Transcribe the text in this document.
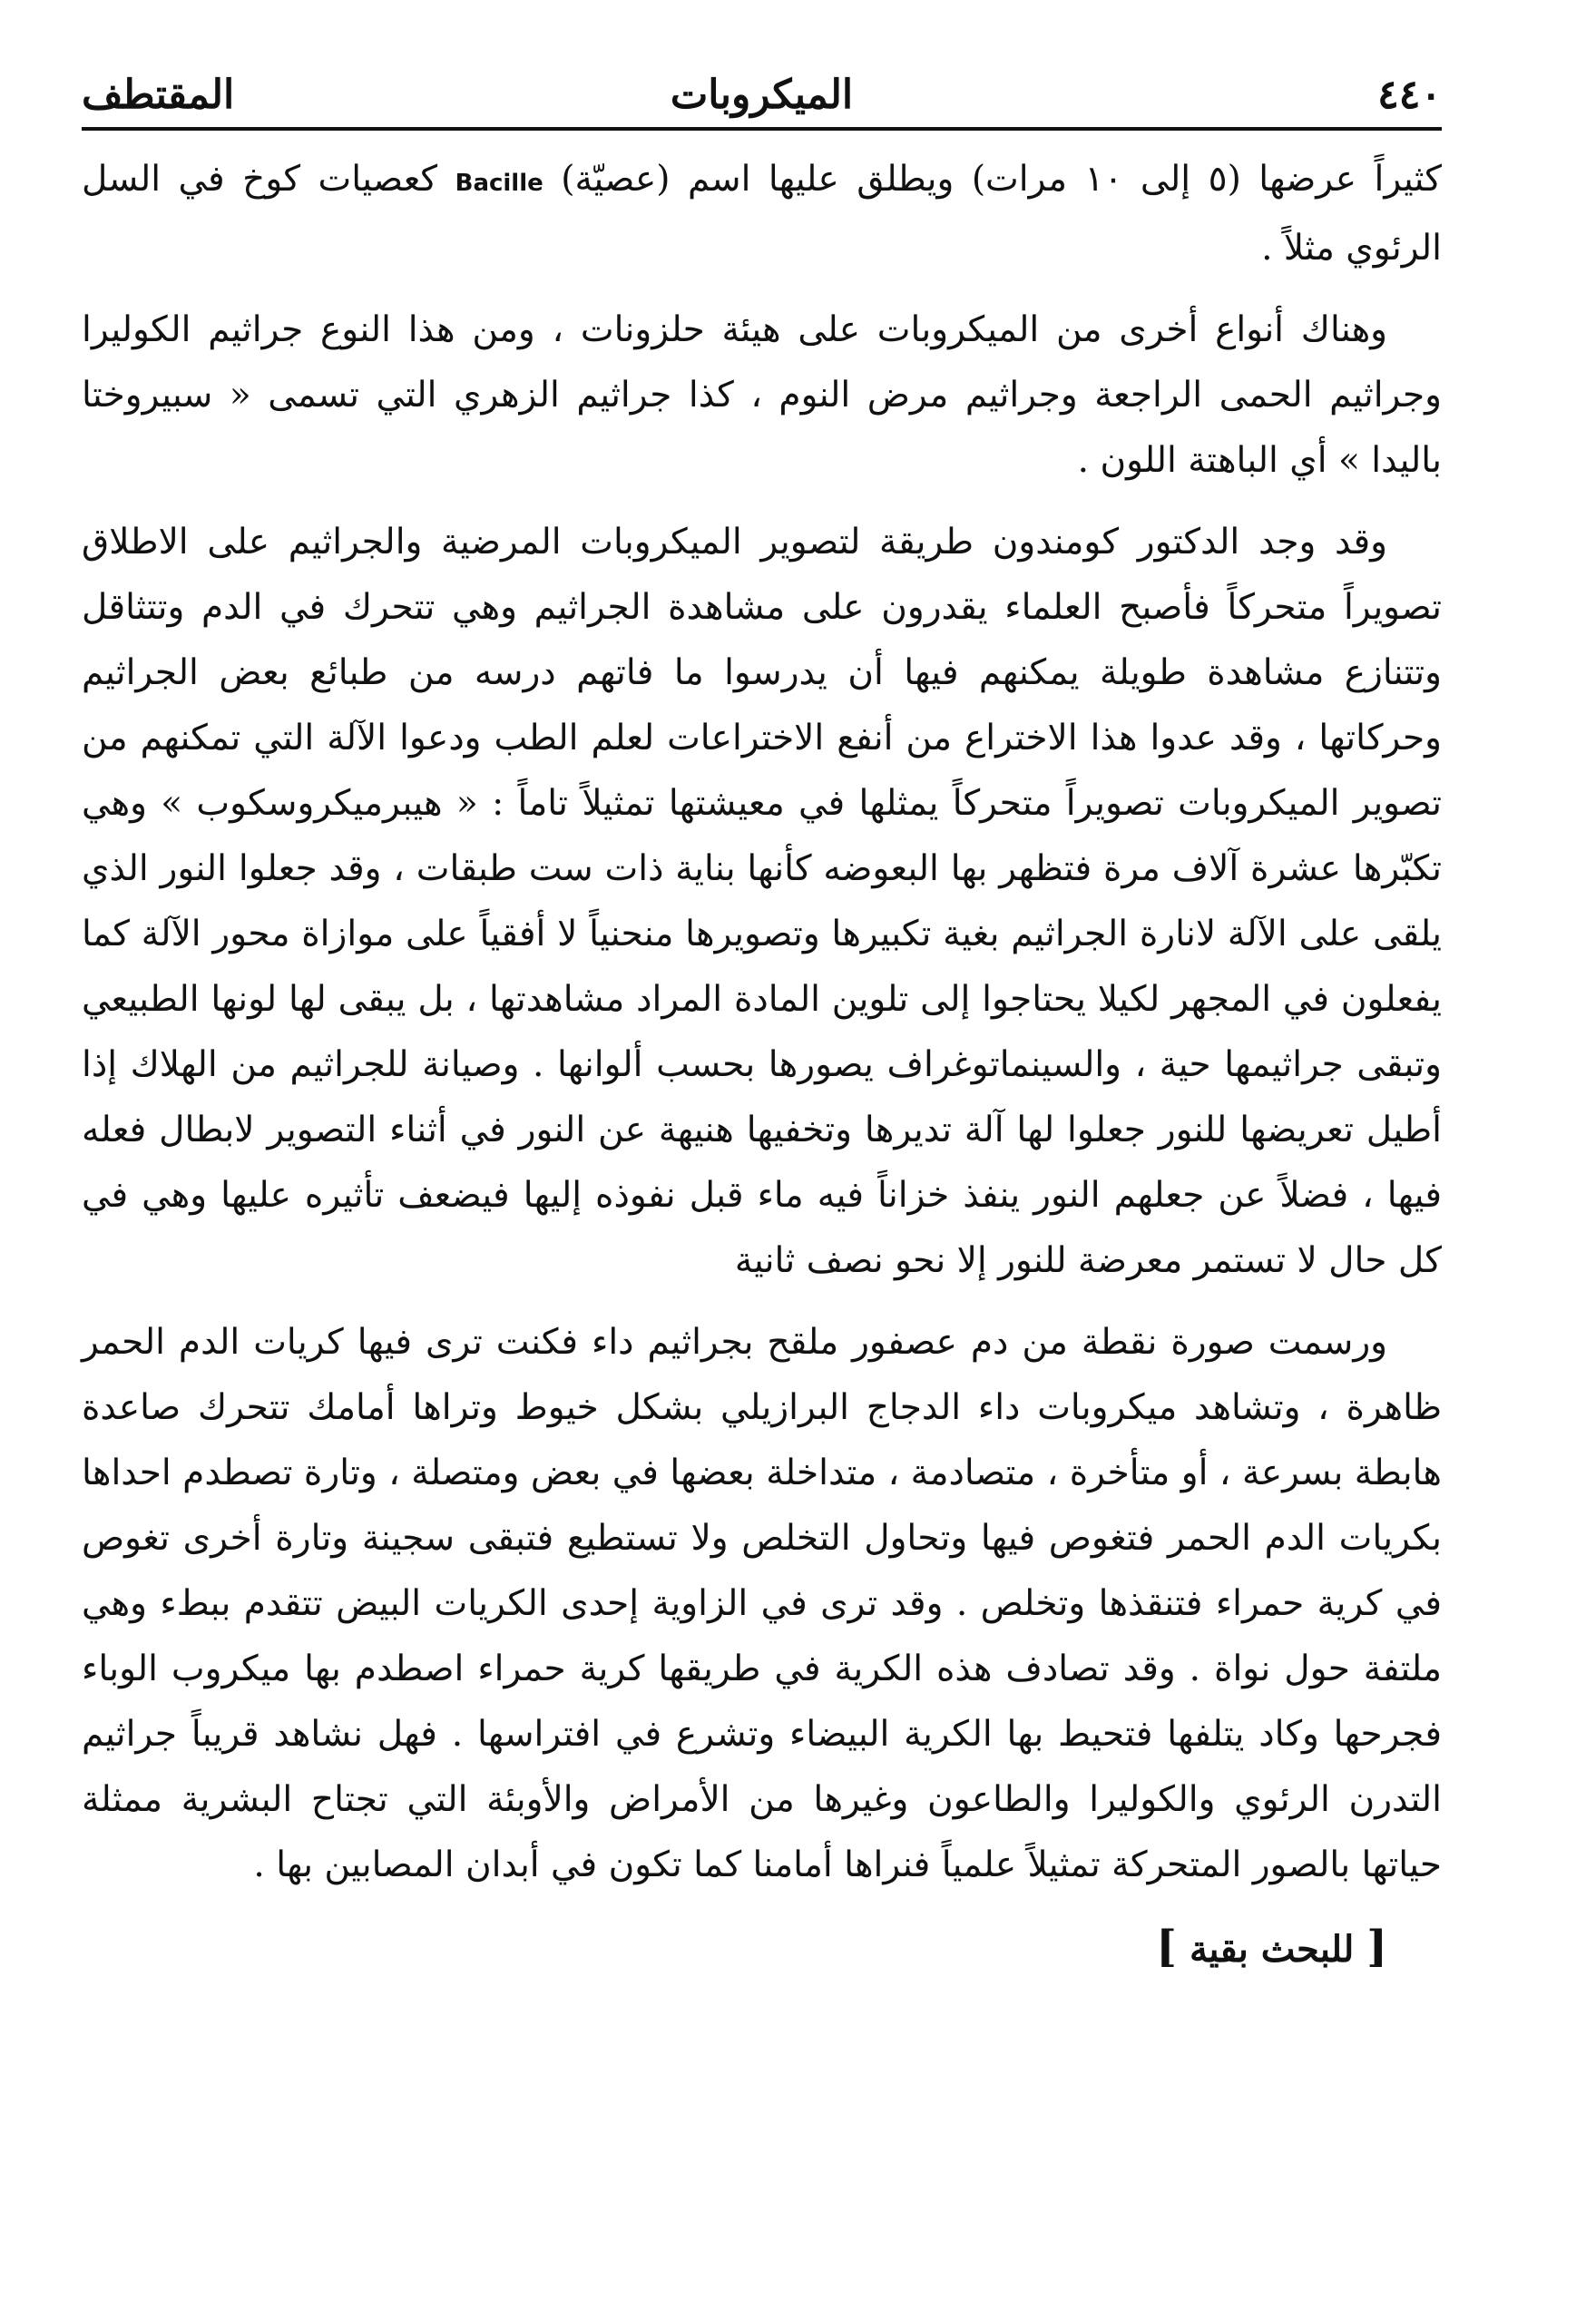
٤٤٠
الميكروبات
المقتطف

كثيراً عرضها (٥ إلى ١٠ مرات) ويطلق عليها اسم (عصيّة) Bacille كعصيات كوخ في السل الرئوي مثلاً .

وهناك أنواع أخرى من الميكروبات على هيئة حلزونات ، ومن هذا النوع جراثيم الكوليرا وجراثيم الحمى الراجعة وجراثيم مرض النوم ، كذا جراثيم الزهري التي تسمى « سبيروختا باليدا » أي الباهتة اللون .

وقد وجد الدكتور كومندون طريقة لتصوير الميكروبات المرضية والجراثيم على الاطلاق تصويراً متحركاً فأصبح العلماء يقدرون على مشاهدة الجراثيم وهي تتحرك في الدم وتتثاقل وتتنازع مشاهدة طويلة يمكنهم فيها أن يدرسوا ما فاتهم درسه من طبائع بعض الجراثيم وحركاتها ، وقد عدوا هذا الاختراع من أنفع الاختراعات لعلم الطب ودعوا الآلة التي تمكنهم من تصوير الميكروبات تصويراً متحركاً يمثلها في معيشتها تمثيلاً تاماً : « هيبرميكروسكوب » وهي تكبّرها عشرة آلاف مرة فتظهر بها البعوضه كأنها بناية ذات ست طبقات ، وقد جعلوا النور الذي يلقى على الآلة لانارة الجراثيم بغية تكبيرها وتصويرها منحنياً لا أفقياً على موازاة محور الآلة كما يفعلون في المجهر لكيلا يحتاجوا إلى تلوين المادة المراد مشاهدتها ، بل يبقى لها لونها الطبيعي وتبقى جراثيمها حية ، والسينماتوغراف يصورها بحسب ألوانها . وصيانة للجراثيم من الهلاك إذا أطيل تعريضها للنور جعلوا لها آلة تديرها وتخفيها هنيهة عن النور في أثناء التصوير لابطال فعله فيها ، فضلاً عن جعلهم النور ينفذ خزاناً فيه ماء قبل نفوذه إليها فيضعف تأثيره عليها وهي في كل حال لا تستمر معرضة للنور إلا نحو نصف ثانية

ورسمت صورة نقطة من دم عصفور ملقح بجراثيم داء فكنت ترى فيها كريات الدم الحمر ظاهرة ، وتشاهد ميكروبات داء الدجاج البرازيلي بشكل خيوط وتراها أمامك تتحرك صاعدة هابطة بسرعة ، أو متأخرة ، متصادمة ، متداخلة بعضها في بعض ومتصلة ، وتارة تصطدم احداها بكريات الدم الحمر فتغوص فيها وتحاول التخلص ولا تستطيع فتبقى سجينة وتارة أخرى تغوص في كرية حمراء فتنقذها وتخلص . وقد ترى في الزاوية إحدى الكريات البيض تتقدم ببطء وهي ملتفة حول نواة . وقد تصادف هذه الكرية في طريقها كرية حمراء اصطدم بها ميكروب الوباء فجرحها وكاد يتلفها فتحيط بها الكرية البيضاء وتشرع في افتراسها . فهل نشاهد قريباً جراثيم التدرن الرئوي والكوليرا والطاعون وغيرها من الأمراض والأوبئة التي تجتاح البشرية ممثلة حياتها بالصور المتحركة تمثيلاً علمياً فنراها أمامنا كما تكون في أبدان المصابين بها .

[ للبحث بقية ]
